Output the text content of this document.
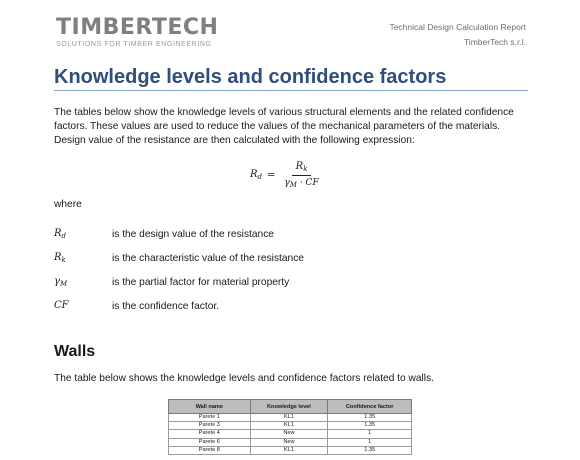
TIMBERTECH
SOLUTIONS FOR TIMBER ENGINEERING
Technical Design Calculation Report
TimberTech s.r.l.
Knowledge levels and confidence factors

The tables below show the knowledge levels of various structural elements and the related confidence factors. These values are used to reduce the values of the mechanical parameters of the materials. Design value of the resistance are then calculated with the following expression:

$R_d = \frac{R_k}{\gamma_M \cdot CF}$
where
$R_d$	is the design value of the resistance
$R_k$	is the characteristic value of the resistance
$\gamma_M$	is the partial factor for material property
CF	is the confidence factor.
Walls

The table below shows the knowledge levels and confidence factors related to walls.

Wall name	Knowledge level	Confidence factor
Parete 1	KL1	1.35
Parete 3	KL1	1.35
Parete 4	New	1
Parete 6	New	1
Parete 8	KL1	1.35
